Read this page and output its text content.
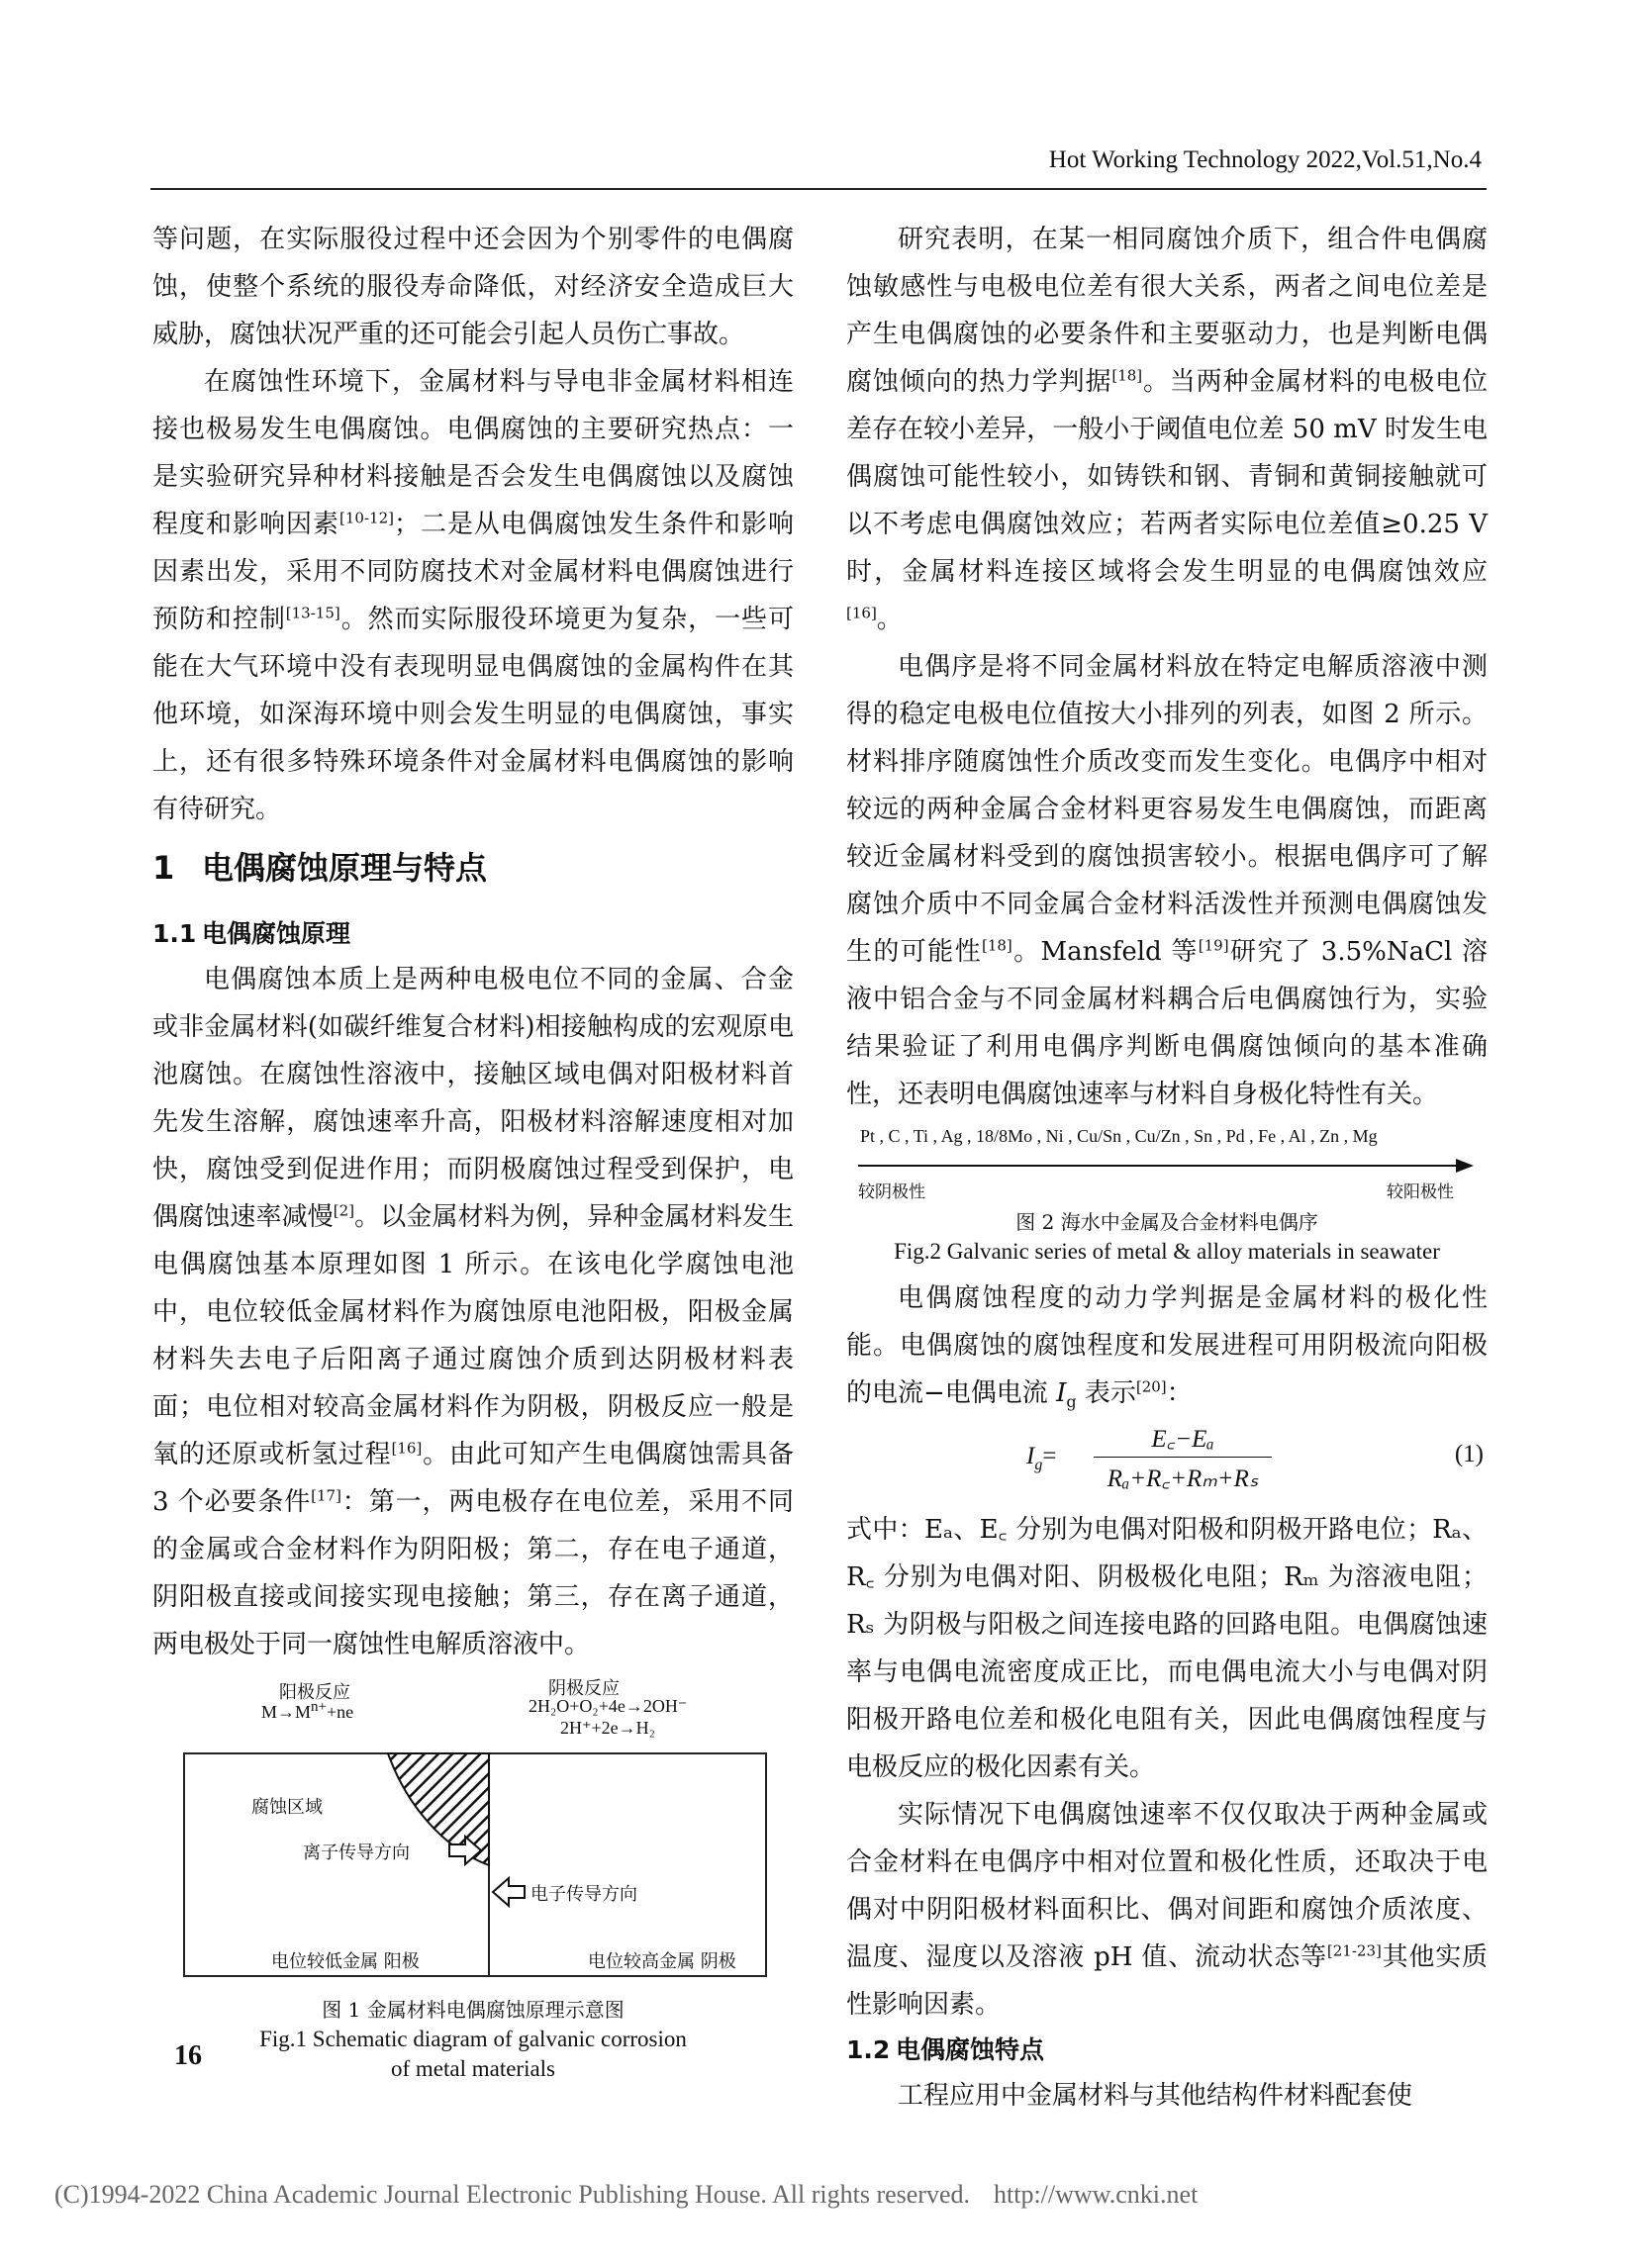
Hot Working Technology 2022,Vol.51,No.4

等问题，在实际服役过程中还会因为个别零件的电偶腐蚀，使整个系统的服役寿命降低，对经济安全造成巨大威胁，腐蚀状况严重的还可能会引起人员伤亡事故。

在腐蚀性环境下，金属材料与导电非金属材料相连接也极易发生电偶腐蚀。电偶腐蚀的主要研究热点：一是实验研究异种材料接触是否会发生电偶腐蚀以及腐蚀程度和影响因素[10-12]；二是从电偶腐蚀发生条件和影响因素出发，采用不同防腐技术对金属材料电偶腐蚀进行预防和控制[13-15]。然而实际服役环境更为复杂，一些可能在大气环境中没有表现明显电偶腐蚀的金属构件在其他环境，如深海环境中则会发生明显的电偶腐蚀，事实上，还有很多特殊环境条件对金属材料电偶腐蚀的影响有待研究。

1 电偶腐蚀原理与特点
1.1 电偶腐蚀原理

电偶腐蚀本质上是两种电极电位不同的金属、合金或非金属材料(如碳纤维复合材料)相接触构成的宏观原电池腐蚀。在腐蚀性溶液中，接触区域电偶对阳极材料首先发生溶解，腐蚀速率升高，阳极材料溶解速度相对加快，腐蚀受到促进作用；而阴极腐蚀过程受到保护，电偶腐蚀速率减慢[2]。以金属材料为例，异种金属材料发生电偶腐蚀基本原理如图 1 所示。在该电化学腐蚀电池中，电位较低金属材料作为腐蚀原电池阳极，阳极金属材料失去电子后阳离子通过腐蚀介质到达阴极材料表面；电位相对较高金属材料作为阴极，阴极反应一般是氧的还原或析氢过程[16]。由此可知产生电偶腐蚀需具备 3 个必要条件[17]：第一，两电极存在电位差，采用不同的金属或合金材料作为阴阳极；第二，存在电子通道，阴阳极直接或间接实现电接触；第三，存在离子通道，两电极处于同一腐蚀性电解质溶液中。

阳极反应
$M\to M^{n+}+ne$
阴极反应
2H₂O+O₂+4e→2OH⁻
2H⁺+2e→H₂
腐蚀区域
离子传导方向
电子传导方向
电位较低金属 阳极	电位较高金属 阴极

图 1 金属材料电偶腐蚀原理示意图

Fig.1 Schematic diagram of galvanic corrosion

of metal materials

研究表明，在某一相同腐蚀介质下，组合件电偶腐蚀敏感性与电极电位差有很大关系，两者之间电位差是产生电偶腐蚀的必要条件和主要驱动力，也是判断电偶腐蚀倾向的热力学判据[18]。当两种金属材料的电极电位差存在较小差异，一般小于阈值电位差 50 mV 时发生电偶腐蚀可能性较小，如铸铁和钢、青铜和黄铜接触就可以不考虑电偶腐蚀效应；若两者实际电位差值≥0.25 V 时，金属材料连接区域将会发生明显的电偶腐蚀效应[16]。

电偶序是将不同金属材料放在特定电解质溶液中测得的稳定电极电位值按大小排列的列表，如图 2 所示。材料排序随腐蚀性介质改变而发生变化。电偶序中相对较远的两种金属合金材料更容易发生电偶腐蚀，而距离较近金属材料受到的腐蚀损害较小。根据电偶序可了解腐蚀介质中不同金属合金材料活泼性并预测电偶腐蚀发生的可能性[18]。Mansfeld 等[19]研究了 3.5%NaCl 溶液中铝合金与不同金属材料耦合后电偶腐蚀行为，实验结果验证了利用电偶序判断电偶腐蚀倾向的基本准确性，还表明电偶腐蚀速率与材料自身极化特性有关。

Pt , C , Ti , Ag , 18/8Mo , Ni , Cu/Sn , Cu/Zn , Sn , Pd , Fe , Al , Zn , Mg
较阴极性	较阳极性

图 2 海水中金属及合金材料电偶序

Fig.2 Galvanic series of metal & alloy materials in seawater

电偶腐蚀程度的动力学判据是金属材料的极化性能。电偶腐蚀的腐蚀程度和发展进程可用阴极流向阳极的电流−电偶电流 $I_g$ 表示[20]：

$I_g=$
E꜀−Eₐ
Rₐ+R꜀+Rₘ+Rₛ
(1)

式中：Eₐ、E꜀ 分别为电偶对阳极和阴极开路电位；Rₐ、R꜀ 分别为电偶对阳、阴极极化电阻；Rₘ 为溶液电阻；Rₛ 为阴极与阳极之间连接电路的回路电阻。电偶腐蚀速率与电偶电流密度成正比，而电偶电流大小与电偶对阴阳极开路电位差和极化电阻有关，因此电偶腐蚀程度与电极反应的极化因素有关。

实际情况下电偶腐蚀速率不仅仅取决于两种金属或合金材料在电偶序中相对位置和极化性质，还取决于电偶对中阴阳极材料面积比、偶对间距和腐蚀介质浓度、温度、湿度以及溶液 pH 值、流动状态等[21-23]其他实质性影响因素。

1.2 电偶腐蚀特点

工程应用中金属材料与其他结构件材料配套使

16
(C)1994-2022 China Academic Journal Electronic Publishing House. All rights reserved. http://www.cnki.net
